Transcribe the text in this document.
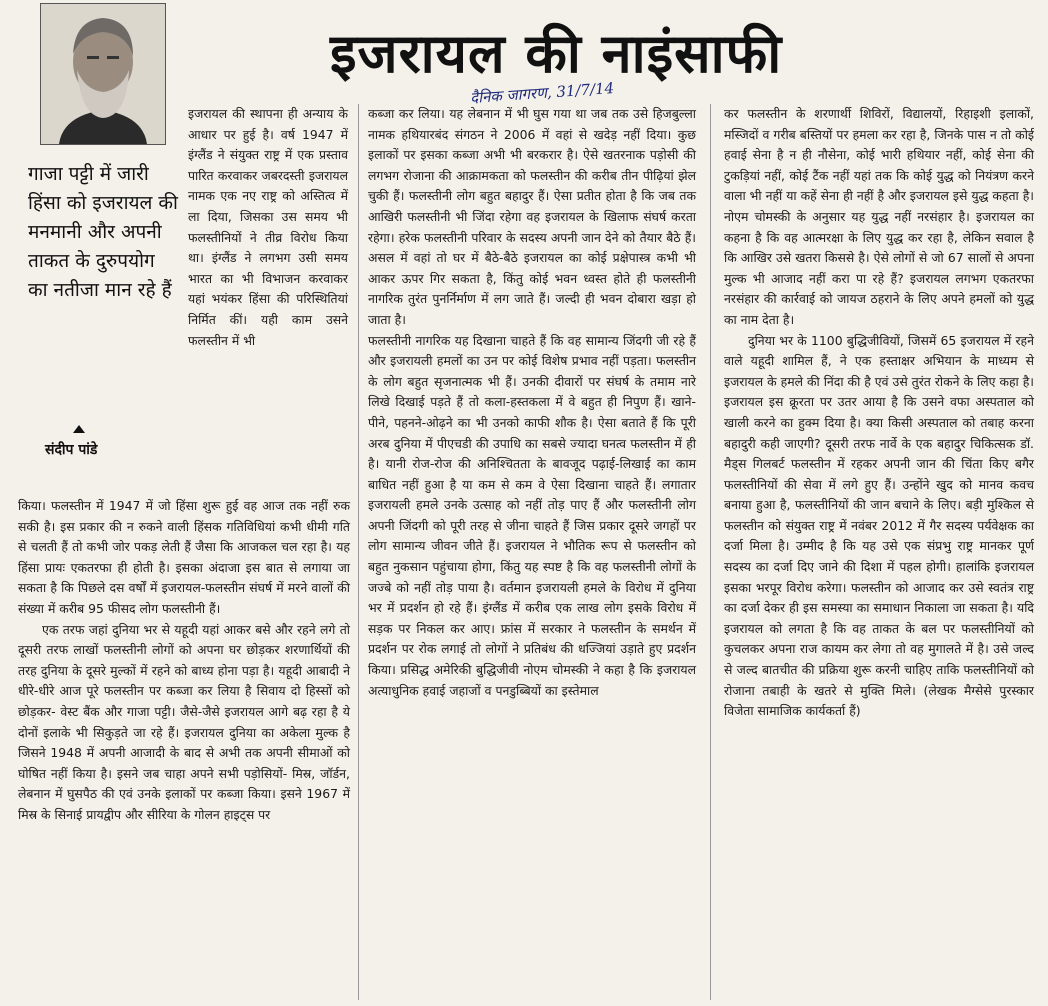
इजरायल की नाइंसाफी
दैनिक जागरण, 31/7/14
गाजा पट्टी में जारी हिंसा को इजरायल की मनमानी और अपनी ताकत के दुरुपयोग का नतीजा मान रहे हैं
संदीप पांडे

इजरायल की स्थापना ही अन्याय के आधार पर हुई है। वर्ष 1947 में इंग्लैंड ने संयुक्त राष्ट्र में एक प्रस्ताव पारित करवाकर जबरदस्ती इजरायल नामक एक नए राष्ट्र को अस्तित्व में ला दिया, जिसका उस समय भी फलस्तीनियों ने तीव्र विरोध किया था। इंग्लैंड ने लगभग उसी समय भारत का भी विभाजन करवाकर यहां भयंकर हिंसा की परिस्थितियां निर्मित कीं। यही काम उसने फलस्तीन में भी

किया। फलस्तीन में 1947 में जो हिंसा शुरू हुई वह आज तक नहीं रुक सकी है। इस प्रकार की न रुकने वाली हिंसक गतिविधियां कभी धीमी गति से चलती हैं तो कभी जोर पकड़ लेती हैं जैसा कि आजकल चल रहा है। यह हिंसा प्रायः एकतरफा ही होती है। इसका अंदाजा इस बात से लगाया जा सकता है कि पिछले दस वर्षों में इजरायल-फलस्तीन संघर्ष में मरने वालों की संख्या में करीब 95 फीसद लोग फलस्तीनी हैं।

एक तरफ जहां दुनिया भर से यहूदी यहां आकर बसे और रहने लगे तो दूसरी तरफ लाखों फलस्तीनी लोगों को अपना घर छोड़कर शरणार्थियों की तरह दुनिया के दूसरे मुल्कों में रहने को बाध्य होना पड़ा है। यहूदी आबादी ने धीरे-धीरे आज पूरे फलस्तीन पर कब्जा कर लिया है सिवाय दो हिस्सों को छोड़कर- वेस्ट बैंक और गाजा पट्टी। जैसे-जैसे इजरायल आगे बढ़ रहा है ये दोनों इलाके भी सिकुड़ते जा रहे हैं। इजरायल दुनिया का अकेला मुल्क है जिसने 1948 में अपनी आजादी के बाद से अभी तक अपनी सीमाओं को घोषित नहीं किया है। इसने जब चाहा अपने सभी पड़ोसियों- मिस्र, जॉर्डन, लेबनान में घुसपैठ की एवं उनके इलाकों पर कब्जा किया। इसने 1967 में मिस्र के सिनाई प्रायद्वीप और सीरिया के गोलन हाइट्स पर

कब्जा कर लिया। यह लेबनान में भी घुस गया था जब तक उसे हिजबुल्ला नामक हथियारबंद संगठन ने 2006 में वहां से खदेड़ नहीं दिया। कुछ इलाकों पर इसका कब्जा अभी भी बरकरार है। ऐसे खतरनाक पड़ोसी की लगभग रोजाना की आक्रामकता को फलस्तीन की करीब तीन पीढ़ियां झेल चुकी हैं। फलस्तीनी लोग बहुत बहादुर हैं। ऐसा प्रतीत होता है कि जब तक आखिरी फलस्तीनी भी जिंदा रहेगा वह इजरायल के खिलाफ संघर्ष करता रहेगा। हरेक फलस्तीनी परिवार के सदस्य अपनी जान देने को तैयार बैठे हैं। असल में वहां तो घर में बैठे-बैठे इजरायल का कोई प्रक्षेपास्त्र कभी भी आकर ऊपर गिर सकता है, किंतु कोई भवन ध्वस्त होते ही फलस्तीनी नागरिक तुरंत पुनर्निर्माण में लग जाते हैं। जल्दी ही भवन दोबारा खड़ा हो जाता है।

फलस्तीनी नागरिक यह दिखाना चाहते हैं कि वह सामान्य जिंदगी जी रहे हैं और इजरायली हमलों का उन पर कोई विशेष प्रभाव नहीं पड़ता। फलस्तीन के लोग बहुत सृजनात्मक भी हैं। उनकी दीवारों पर संघर्ष के तमाम नारे लिखे दिखाई पड़ते हैं तो कला-हस्तकला में वे बहुत ही निपुण हैं। खाने-पीने, पहनने-ओढ़ने का भी उनको काफी शौक है। ऐसा बताते हैं कि पूरी अरब दुनिया में पीएचडी की उपाधि का सबसे ज्यादा घनत्व फलस्तीन में ही है। यानी रोज-रोज की अनिश्चितता के बावजूद पढ़ाई-लिखाई का काम बाधित नहीं हुआ है या कम से कम वे ऐसा दिखाना चाहते हैं। लगातार इजरायली हमले उनके उत्साह को नहीं तोड़ पाए हैं और फलस्तीनी लोग अपनी जिंदगी को पूरी तरह से जीना चाहते हैं जिस प्रकार दूसरे जगहों पर लोग सामान्य जीवन जीते हैं। इजरायल ने भौतिक रूप से फलस्तीन को बहुत नुकसान पहुंचाया होगा, किंतु यह स्पष्ट है कि वह फलस्तीनी लोगों के जज्बे को नहीं तोड़ पाया है। वर्तमान इजरायली हमले के विरोध में दुनिया भर में प्रदर्शन हो रहे हैं। इंग्लैंड में करीब एक लाख लोग इसके विरोध में सड़क पर निकल कर आए। फ्रांस में सरकार ने फलस्तीन के समर्थन में प्रदर्शन पर रोक लगाई तो लोगों ने प्रतिबंध की धज्जियां उड़ाते हुए प्रदर्शन किया। प्रसिद्ध अमेरिकी बुद्धिजीवी नोएम चोमस्की ने कहा है कि इजरायल अत्याधुनिक हवाई जहाजों व पनडुब्बियों का इस्तेमाल

कर फलस्तीन के शरणार्थी शिविरों, विद्यालयों, रिहाइशी इलाकों, मस्जिदों व गरीब बस्तियों पर हमला कर रहा है, जिनके पास न तो कोई हवाई सेना है न ही नौसेना, कोई भारी हथियार नहीं, कोई सेना की टुकड़ियां नहीं, कोई टैंक नहीं यहां तक कि कोई युद्ध को नियंत्रण करने वाला भी नहीं या कहें सेना ही नहीं है और इजरायल इसे युद्ध कहता है। नोएम चोमस्की के अनुसार यह युद्ध नहीं नरसंहार है। इजरायल का कहना है कि वह आत्मरक्षा के लिए युद्ध कर रहा है, लेकिन सवाल है कि आखिर उसे खतरा किससे है। ऐसे लोगों से जो 67 सालों से अपना मुल्क भी आजाद नहीं करा पा रहे हैं? इजरायल लगभग एकतरफा नरसंहार की कार्रवाई को जायज ठहराने के लिए अपने हमलों को युद्ध का नाम देता है।

दुनिया भर के 1100 बुद्धिजीवियों, जिसमें 65 इजरायल में रहने वाले यहूदी शामिल हैं, ने एक हस्ताक्षर अभियान के माध्यम से इजरायल के हमले की निंदा की है एवं उसे तुरंत रोकने के लिए कहा है। इजरायल इस क्रूरता पर उतर आया है कि उसने वफा अस्पताल को खाली करने का हुक्म दिया है। क्या किसी अस्पताल को तबाह करना बहादुरी कही जाएगी? दूसरी तरफ नार्वे के एक बहादुर चिकित्सक डॉ. मैड्स गिलबर्ट फलस्तीन में रहकर अपनी जान की चिंता किए बगैर फलस्तीनियों की सेवा में लगे हुए हैं। उन्होंने खुद को मानव कवच बनाया हुआ है, फलस्तीनियों की जान बचाने के लिए। बड़ी मुश्किल से फलस्तीन को संयुक्त राष्ट्र में नवंबर 2012 में गैर सदस्य पर्यवेक्षक का दर्जा मिला है। उम्मीद है कि यह उसे एक संप्रभु राष्ट्र मानकर पूर्ण सदस्य का दर्जा दिए जाने की दिशा में पहल होगी। हालांकि इजरायल इसका भरपूर विरोध करेगा। फलस्तीन को आजाद कर उसे स्वतंत्र राष्ट्र का दर्जा देकर ही इस समस्या का समाधान निकाला जा सकता है। यदि इजरायल को लगता है कि वह ताकत के बल पर फलस्तीनियों को कुचलकर अपना राज कायम कर लेगा तो वह मुगालते में है। उसे जल्द से जल्द बातचीत की प्रक्रिया शुरू करनी चाहिए ताकि फलस्तीनियों को रोजाना तबाही के खतरे से मुक्ति मिले। (लेखक मैग्सेसे पुरस्कार विजेता सामाजिक कार्यकर्ता हैं)
